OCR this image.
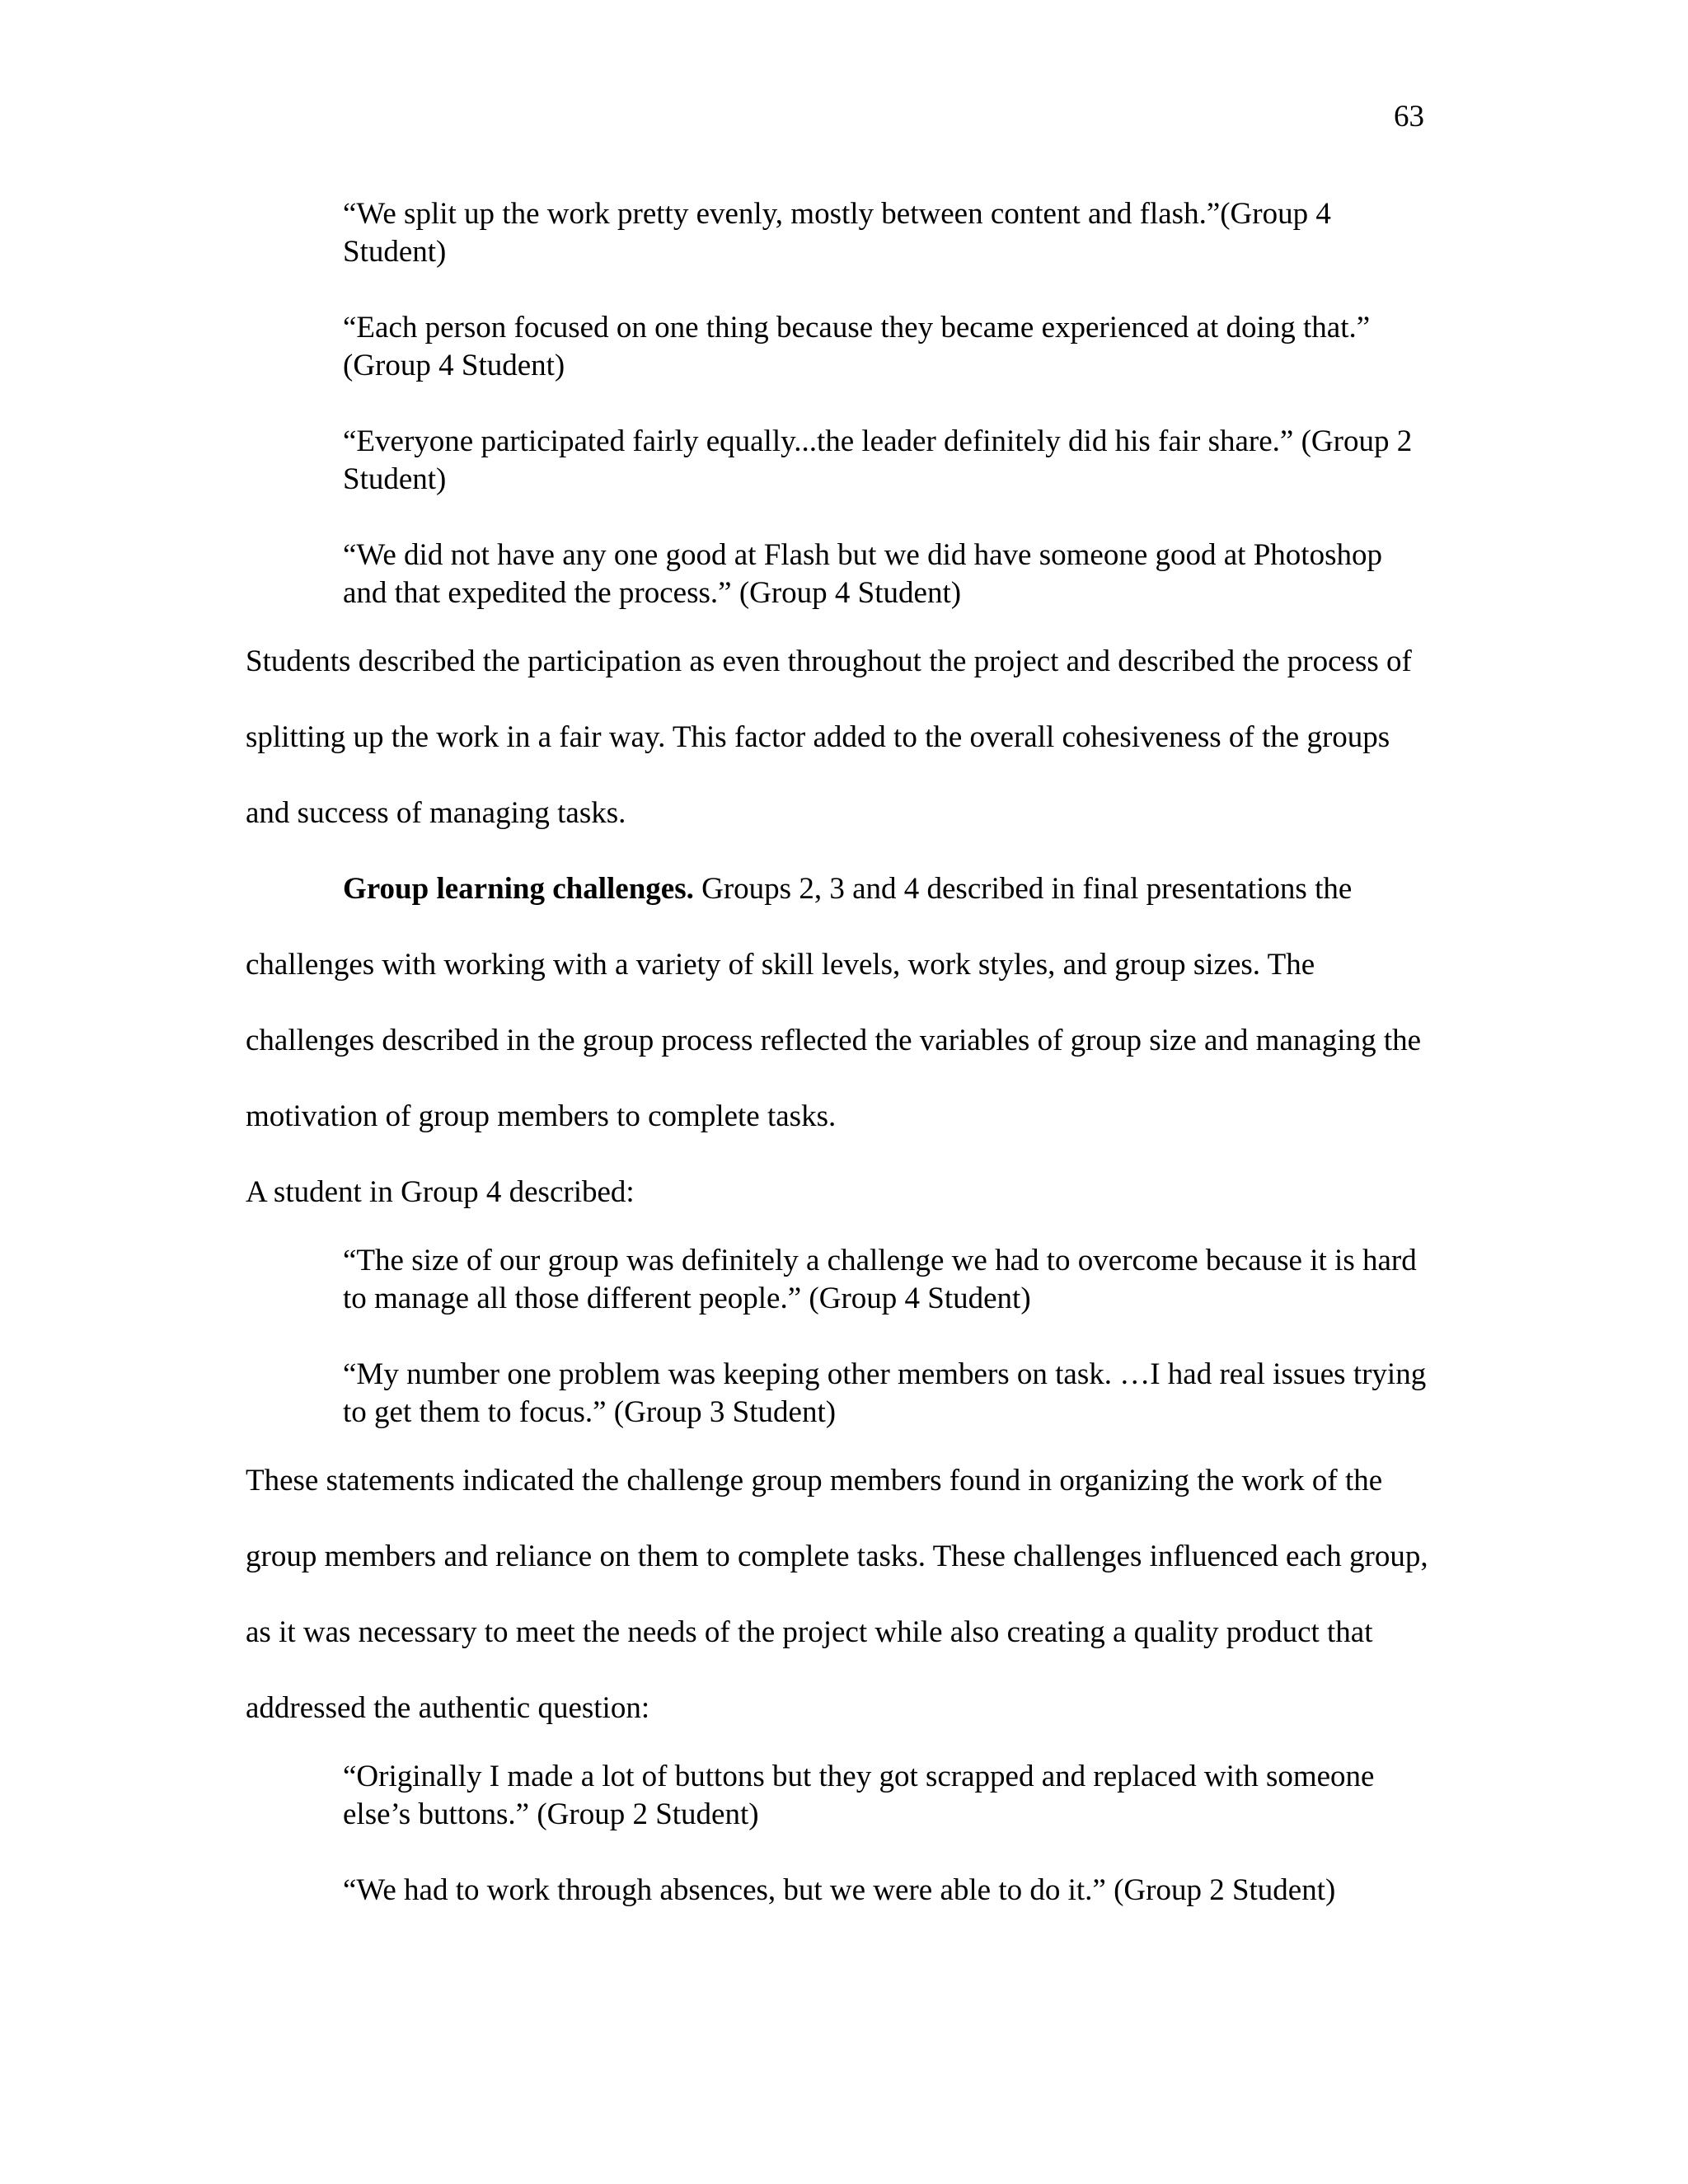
63

“We split up the work pretty evenly, mostly between content and flash.”(Group 4 Student)

“Each person focused on one thing because they became experienced at doing that.” (Group 4 Student)

“Everyone participated fairly equally...the leader definitely did his fair share.” (Group 2 Student)

“We did not have any one good at Flash but we did have someone good at Photoshop and that expedited the process.” (Group 4 Student)

Students described the participation as even throughout the project and described the process of splitting up the work in a fair way. This factor added to the overall cohesiveness of the groups and success of managing tasks.

Group learning challenges. Groups 2, 3 and 4 described in final presentations the challenges with working with a variety of skill levels, work styles, and group sizes. The challenges described in the group process reflected the variables of group size and managing the motivation of group members to complete tasks.

A student in Group 4 described:

“The size of our group was definitely a challenge we had to overcome because it is hard to manage all those different people.” (Group 4 Student)

“My number one problem was keeping other members on task. …I had real issues trying to get them to focus.” (Group 3 Student)

These statements indicated the challenge group members found in organizing the work of the group members and reliance on them to complete tasks. These challenges influenced each group, as it was necessary to meet the needs of the project while also creating a quality product that addressed the authentic question:

“Originally I made a lot of buttons but they got scrapped and replaced with someone else’s buttons.” (Group 2 Student)

“We had to work through absences, but we were able to do it.” (Group 2 Student)
